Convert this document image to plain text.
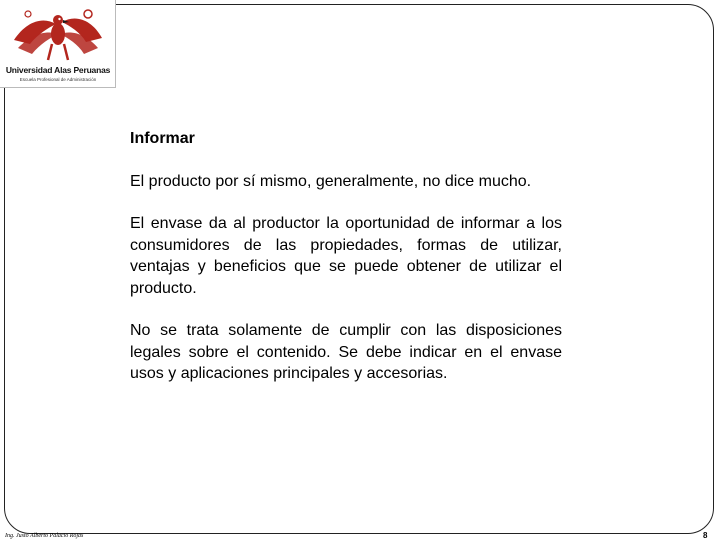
Universidad Alas Peruanas
Escuela Profesional de Administración
Informar

El producto por sí mismo, generalmente, no dice mucho.

El envase da al productor la oportunidad de informar a los consumidores de las propiedades, formas de utilizar, ventajas y beneficios que se puede obtener de utilizar el producto.

No se trata solamente de cumplir con las disposiciones legales sobre el contenido. Se debe indicar en el envase usos y aplicaciones principales y accesorias.

Ing. Justo Alberto Palacio Rojas	8
